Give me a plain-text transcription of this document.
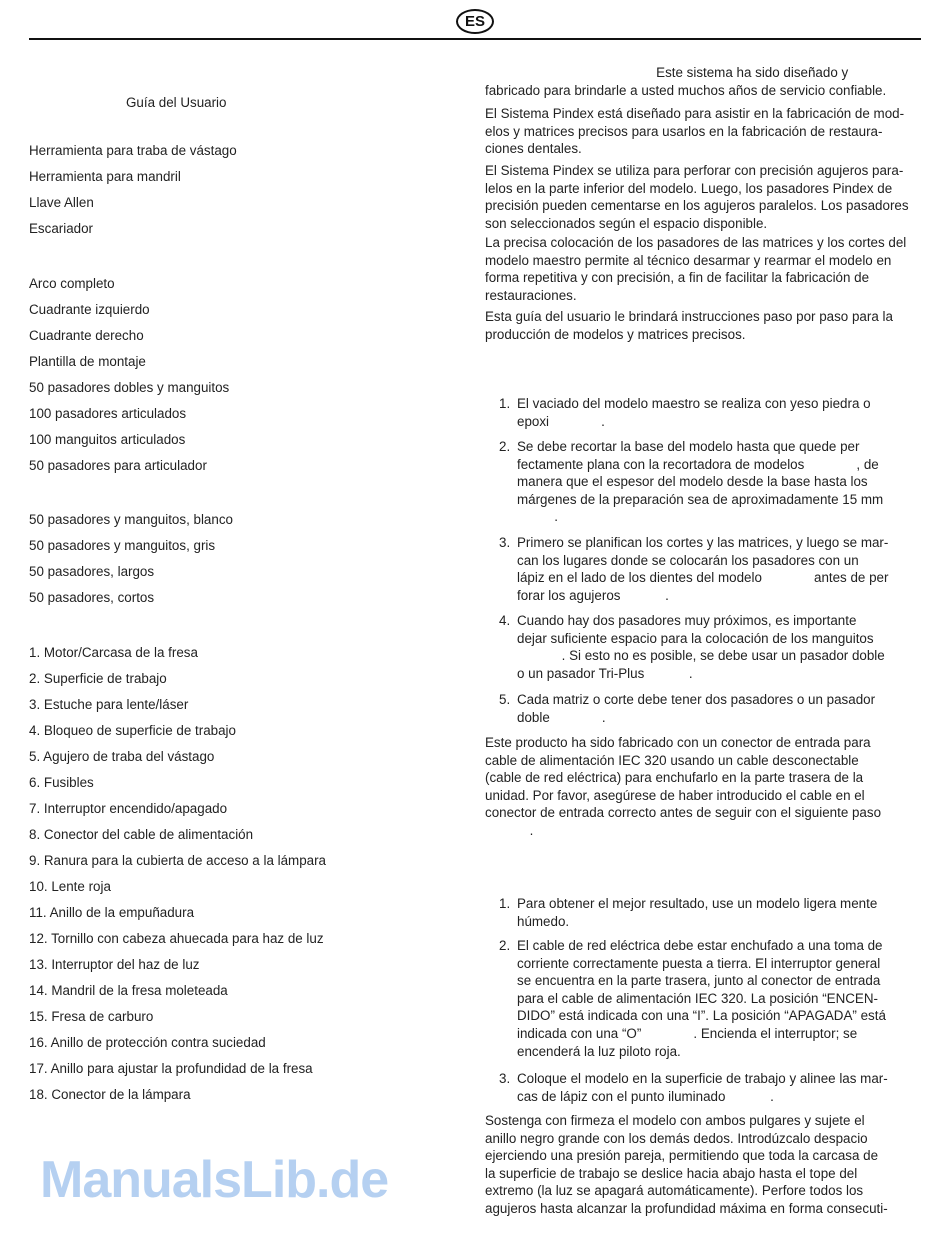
ES
Guía del Usuario
Herramienta para traba de vástago
Herramienta para mandril
Llave Allen
Escariador
Arco completo
Cuadrante izquierdo
Cuadrante derecho
Plantilla de montaje
50 pasadores dobles y manguitos
100 pasadores articulados
100 manguitos articulados
50 pasadores para articulador
50 pasadores y manguitos, blanco
50 pasadores y manguitos, gris
50 pasadores, largos
50 pasadores, cortos
1. Motor/Carcasa de la fresa
2. Superficie de trabajo
3. Estuche para lente/láser
4. Bloqueo de superficie de trabajo
5. Agujero de traba del vástago
6. Fusibles
7. Interruptor encendido/apagado
8. Conector del cable de alimentación
9. Ranura para la cubierta de acceso a la lámpara
10. Lente roja
11. Anillo de la empuñadura
12. Tornillo con cabeza ahuecada para haz de luz
13. Interruptor del haz de luz
14. Mandril de la fresa moleteada
15. Fresa de carburo
16. Anillo de protección contra suciedad
17. Anillo para ajustar la profundidad de la fresa
18. Conector de la lámpara
Este sistema ha sido diseñado y
fabricado para brindarle a usted muchos años de servicio confiable.
El Sistema Pindex está diseñado para asistir en la fabricación de mod-
elos y matrices precisos para usarlos en la fabricación de restaura-
ciones dentales.
El Sistema Pindex se utiliza para perforar con precisión agujeros para-
lelos en la parte inferior del modelo. Luego, los pasadores Pindex de
precisión pueden cementarse en los agujeros paralelos. Los pasadores
son seleccionados según el espacio disponible.
La precisa colocación de los pasadores de las matrices y los cortes del
modelo maestro permite al técnico desarmar y rearmar el modelo en
forma repetitiva y con precisión, a fin de facilitar la fabricación de
restauraciones.
Esta guía del usuario le brindará instrucciones paso por paso para la
producción de modelos y matrices precisos.
1. El vaciado del modelo maestro se realiza con yeso piedra o
epoxi              .
2. Se debe recortar la base del modelo hasta que quede per
fectamente plana con la recortadora de modelos              , de
manera que el espesor del modelo desde la base hasta los
márgenes de la preparación sea de aproximadamente 15 mm
.
3. Primero se planifican los cortes y las matrices, y luego se mar-
can los lugares donde se colocarán los pasadores con un
lápiz en el lado de los dientes del modelo              antes de per
forar los agujeros            .
4. Cuando hay dos pasadores muy próximos, es importante
dejar suficiente espacio para la colocación de los manguitos
. Si esto no es posible, se debe usar un pasador doble
o un pasador Tri-Plus            .
5. Cada matriz o corte debe tener dos pasadores o un pasador
doble              .
Este producto ha sido fabricado con un conector de entrada para
cable de alimentación IEC 320 usando un cable desconectable
(cable de red eléctrica) para enchufarlo en la parte trasera de la
unidad. Por favor, asegúrese de haber introducido el cable en el
conector de entrada correcto antes de seguir con el siguiente paso
.
1. Para obtener el mejor resultado, use un modelo ligera mente
húmedo.
2. El cable de red eléctrica debe estar enchufado a una toma de
corriente correctamente puesta a tierra. El interruptor general
se encuentra en la parte trasera, junto al conector de entrada
para el cable de alimentación IEC 320. La posición “ENCEN-
DIDO” está indicada con una “I”. La posición “APAGADA” está
indicada con una “O”              . Encienda el interruptor; se
encenderá la luz piloto roja.
3. Coloque el modelo en la superficie de trabajo y alinee las mar-
cas de lápiz con el punto iluminado            .
Sostenga con firmeza el modelo con ambos pulgares y sujete el
anillo negro grande con los demás dedos. Introdúzcalo despacio
ejerciendo una presión pareja, permitiendo que toda la carcasa de
la superficie de trabajo se deslice hacia abajo hasta el tope del
extremo (la luz se apagará automáticamente). Perfore todos los
agujeros hasta alcanzar la profundidad máxima en forma consecuti-
ManualsLib.de
